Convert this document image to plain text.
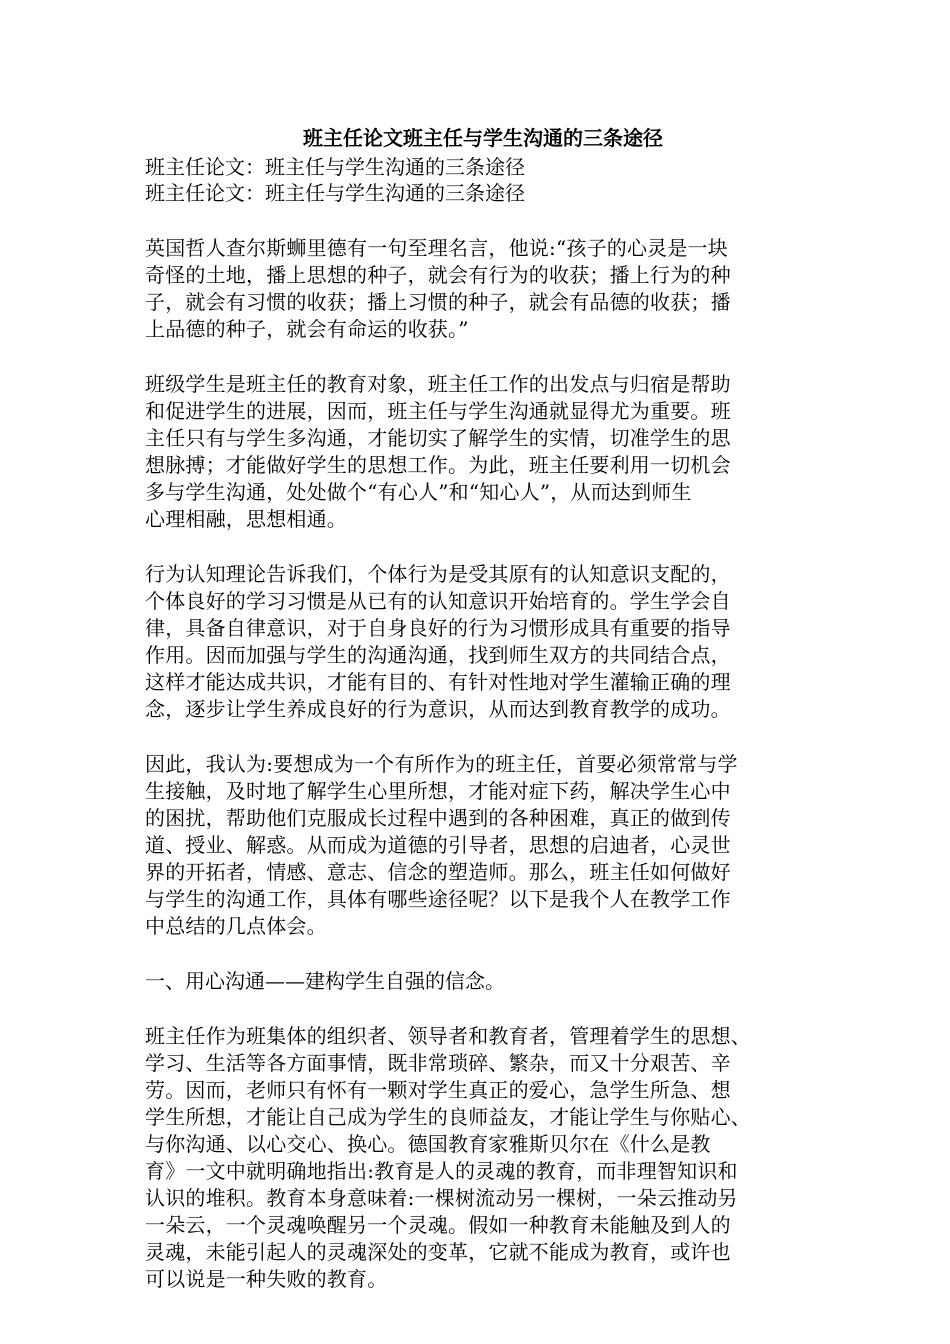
班主任论文班主任与学生沟通的三条途径

班主任论文：班主任与学生沟通的三条途径

班主任论文：班主任与学生沟通的三条途径

英国哲人查尔斯蛳里德有一句至理名言，他说:“孩子的心灵是一块
奇怪的土地，播上思想的种子，就会有行为的收获；播上行为的种
子，就会有习惯的收获；播上习惯的种子，就会有品德的收获；播
上品德的种子，就会有命运的收获。”
班级学生是班主任的教育对象，班主任工作的出发点与归宿是帮助
和促进学生的进展，因而，班主任与学生沟通就显得尤为重要。班
主任只有与学生多沟通，才能切实了解学生的实情，切准学生的思
想脉搏；才能做好学生的思想工作。为此，班主任要利用一切机会
多与学生沟通，处处做个“有心人”和“知心人”，从而达到师生
心理相融，思想相通。
行为认知理论告诉我们，个体行为是受其原有的认知意识支配的，
个体良好的学习习惯是从已有的认知意识开始培育的。学生学会自
律，具备自律意识，对于自身良好的行为习惯形成具有重要的指导
作用。因而加强与学生的沟通沟通，找到师生双方的共同结合点，
这样才能达成共识，才能有目的、有针对性地对学生灌输正确的理
念，逐步让学生养成良好的行为意识，从而达到教育教学的成功。
因此，我认为:要想成为一个有所作为的班主任，首要必须常常与学
生接触，及时地了解学生心里所想，才能对症下药，解决学生心中
的困扰，帮助他们克服成长过程中遇到的各种困难，真正的做到传
道、授业、解惑。从而成为道德的引导者，思想的启迪者，心灵世
界的开拓者，情感、意志、信念的塑造师。那么，班主任如何做好
与学生的沟通工作，具体有哪些途径呢？以下是我个人在教学工作
中总结的几点体会。

一、用心沟通——建构学生自强的信念。

班主任作为班集体的组织者、领导者和教育者，管理着学生的思想、
学习、生活等各方面事情，既非常琐碎、繁杂，而又十分艰苦、辛
劳。因而，老师只有怀有一颗对学生真正的爱心，急学生所急、想
学生所想，才能让自己成为学生的良师益友，才能让学生与你贴心、
与你沟通、以心交心、换心。德国教育家雅斯贝尔在《什么是教
育》一文中就明确地指出:教育是人的灵魂的教育，而非理智知识和
认识的堆积。教育本身意味着:一棵树流动另一棵树，一朵云推动另
一朵云，一个灵魂唤醒另一个灵魂。假如一种教育未能触及到人的
灵魂，未能引起人的灵魂深处的变革，它就不能成为教育，或许也
可以说是一种失败的教育。
